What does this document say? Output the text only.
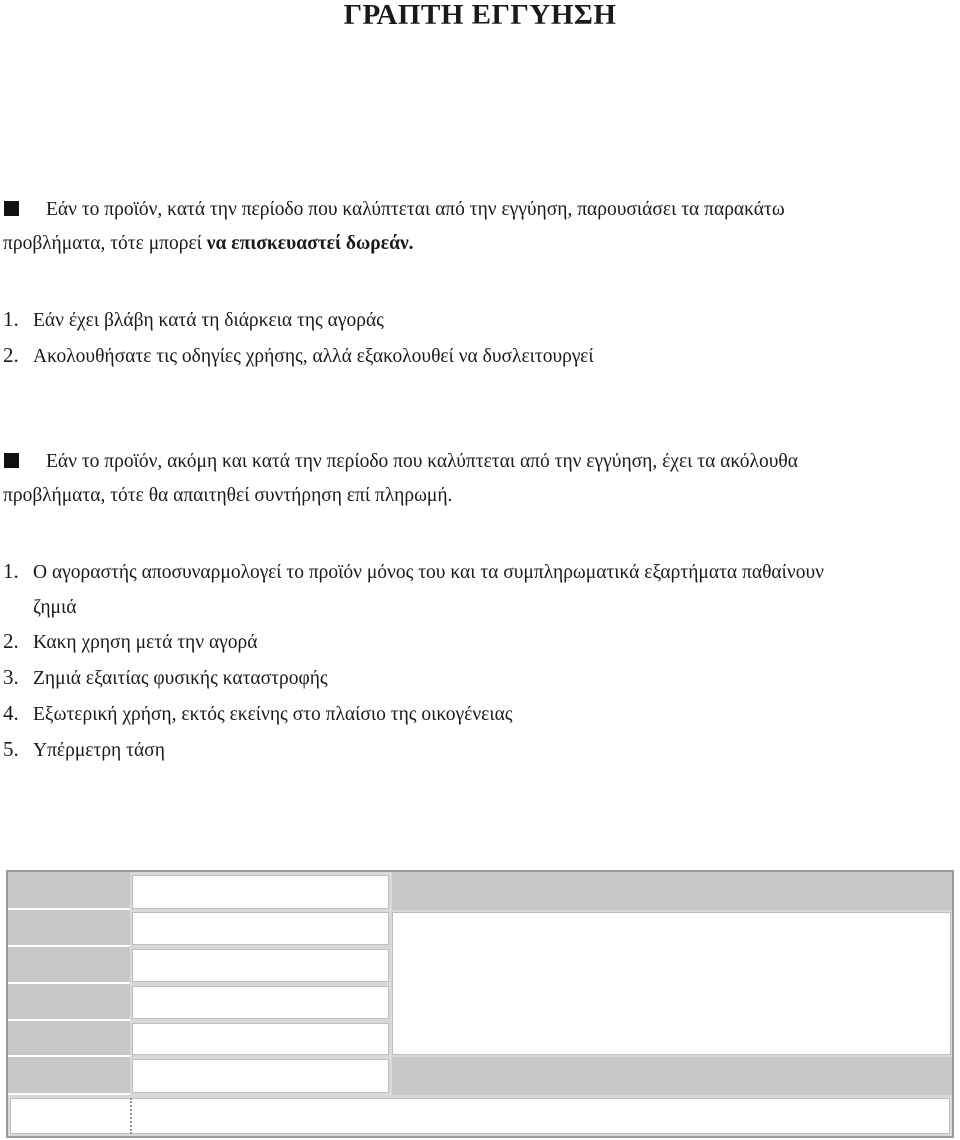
ΓΡΑΠΤΗ ΕΓΓΥΗΣΗ
Εάν το προϊόν, κατά την περίοδο που καλύπτεται από την εγγύηση, παρουσιάσει τα παρακάτω
προβλήματα, τότε μπορεί να επισκευαστεί δωρεάν.
1. Εάν έχει βλάβη κατά τη διάρκεια της αγοράς
2. Ακολουθήσατε τις οδηγίες χρήσης, αλλά εξακολουθεί να δυσλειτουργεί
Εάν το προϊόν, ακόμη και κατά την περίοδο που καλύπτεται από την εγγύηση, έχει τα ακόλουθα
προβλήματα, τότε θα απαιτηθεί συντήρηση επί πληρωμή.
1. Ο αγοραστής αποσυναρμολογεί το προϊόν μόνος του και τα συμπληρωματικά εξαρτήματα παθαίνουν
ζημιά
2. Κακη χρηση μετά την αγορά
3. Ζημιά εξαιτίας φυσικής καταστροφής
4. Εξωτερική χρήση, εκτός εκείνης στο πλαίσιο της οικογένειας
5. Υπέρμετρη τάση
